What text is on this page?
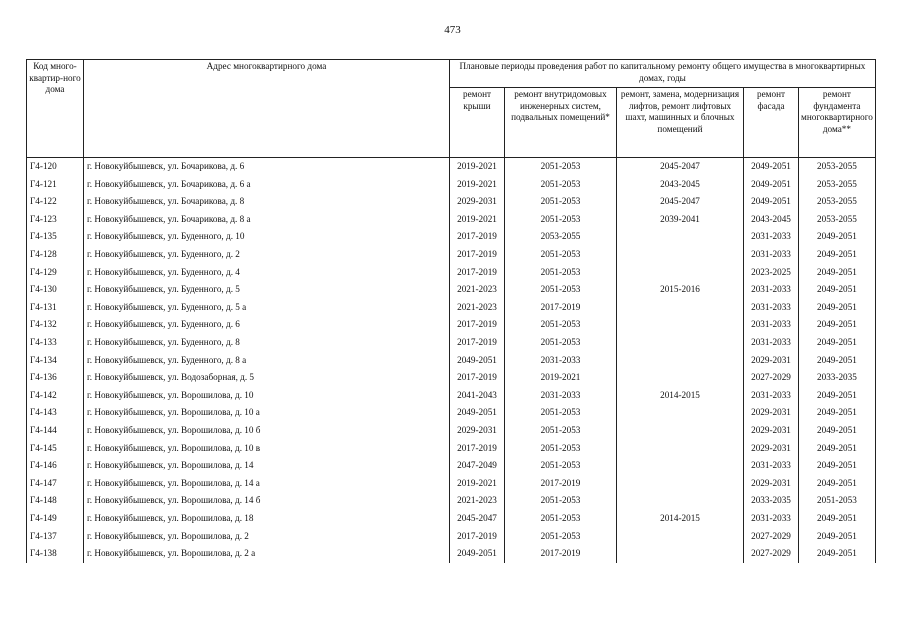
473
Код много-квартир-ного дома	Адрес многоквартирного дома	Плановые периоды проведения работ по капитальному ремонту общего имущества в многоквартирных домах, годы				
		ремонт крыши	ремонт внутридомовых инженерных систем, подвальных помещений*	ремонт, замена, модернизация лифтов, ремонт лифтовых шахт, машинных и блочных помещений	ремонт фасада	ремонт фундамента многоквартирного дома**
Г4-120	г. Новокуйбышевск, ул. Бочарикова, д. 6	2019-2021	2051-2053	2045-2047	2049-2051	2053-2055
Г4-121	г. Новокуйбышевск, ул. Бочарикова, д. 6 а	2019-2021	2051-2053	2043-2045	2049-2051	2053-2055
Г4-122	г. Новокуйбышевск, ул. Бочарикова, д. 8	2029-2031	2051-2053	2045-2047	2049-2051	2053-2055
Г4-123	г. Новокуйбышевск, ул. Бочарикова, д. 8 а	2019-2021	2051-2053	2039-2041	2043-2045	2053-2055
Г4-135	г. Новокуйбышевск, ул. Буденного, д. 10	2017-2019	2053-2055		2031-2033	2049-2051
Г4-128	г. Новокуйбышевск, ул. Буденного, д. 2	2017-2019	2051-2053		2031-2033	2049-2051
Г4-129	г. Новокуйбышевск, ул. Буденного, д. 4	2017-2019	2051-2053		2023-2025	2049-2051
Г4-130	г. Новокуйбышевск, ул. Буденного, д. 5	2021-2023	2051-2053	2015-2016	2031-2033	2049-2051
Г4-131	г. Новокуйбышевск, ул. Буденного, д. 5 а	2021-2023	2017-2019		2031-2033	2049-2051
Г4-132	г. Новокуйбышевск, ул. Буденного, д. 6	2017-2019	2051-2053		2031-2033	2049-2051
Г4-133	г. Новокуйбышевск, ул. Буденного, д. 8	2017-2019	2051-2053		2031-2033	2049-2051
Г4-134	г. Новокуйбышевск, ул. Буденного, д. 8 а	2049-2051	2031-2033		2029-2031	2049-2051
Г4-136	г. Новокуйбышевск, ул. Водозаборная, д. 5	2017-2019	2019-2021		2027-2029	2033-2035
Г4-142	г. Новокуйбышевск, ул. Ворошилова, д. 10	2041-2043	2031-2033	2014-2015	2031-2033	2049-2051
Г4-143	г. Новокуйбышевск, ул. Ворошилова, д. 10 а	2049-2051	2051-2053		2029-2031	2049-2051
Г4-144	г. Новокуйбышевск, ул. Ворошилова, д. 10 б	2029-2031	2051-2053		2029-2031	2049-2051
Г4-145	г. Новокуйбышевск, ул. Ворошилова, д. 10 в	2017-2019	2051-2053		2029-2031	2049-2051
Г4-146	г. Новокуйбышевск, ул. Ворошилова, д. 14	2047-2049	2051-2053		2031-2033	2049-2051
Г4-147	г. Новокуйбышевск, ул. Ворошилова, д. 14 а	2019-2021	2017-2019		2029-2031	2049-2051
Г4-148	г. Новокуйбышевск, ул. Ворошилова, д. 14 б	2021-2023	2051-2053		2033-2035	2051-2053
Г4-149	г. Новокуйбышевск, ул. Ворошилова, д. 18	2045-2047	2051-2053	2014-2015	2031-2033	2049-2051
Г4-137	г. Новокуйбышевск, ул. Ворошилова, д. 2	2017-2019	2051-2053		2027-2029	2049-2051
Г4-138	г. Новокуйбышевск, ул. Ворошилова, д. 2 а	2049-2051	2017-2019		2027-2029	2049-2051
